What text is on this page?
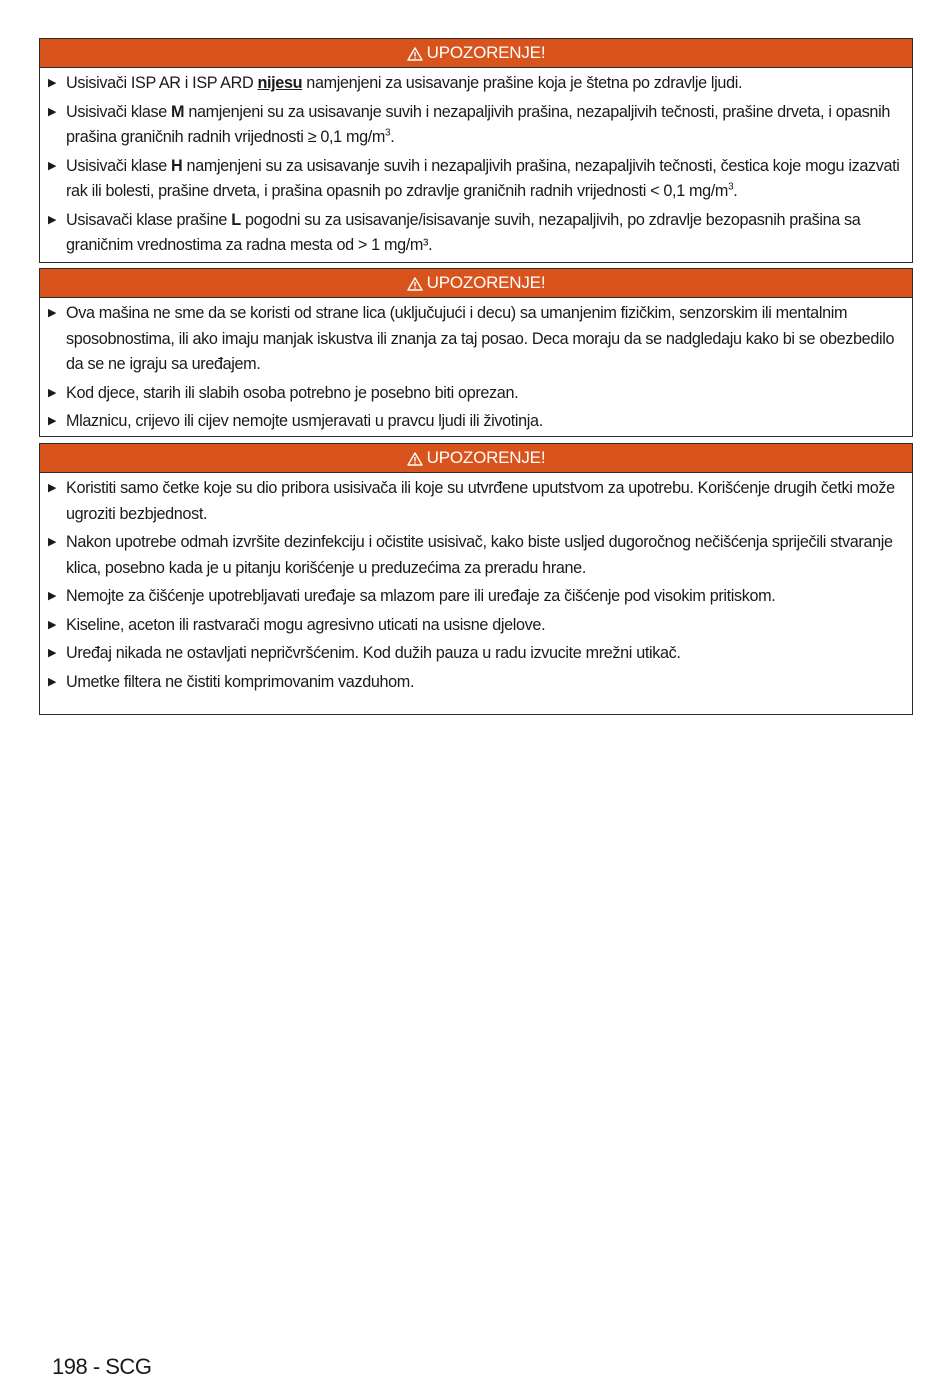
UPOZORENJE!
▶ Usisivači ISP AR i ISP ARD nijesu namjenjeni za usisavanje prašine koja je štetna po zdravlje ljudi.
▶ Usisivači klase M namjenjeni su za usisavanje suvih i nezapaljivih prašina, nezapaljivih tečnosti, prašine drveta, i opasnih prašina graničnih radnih vrijednosti ≥ 0,1 $mg/m^3$.
▶ Usisivači klase H namjenjeni su za usisavanje suvih i nezapaljivih prašina, nezapaljivih tečnosti, čestica koje mogu izazvati rak ili bolesti, prašine drveta, i prašina opasnih po zdravlje graničnih radnih vrijednosti < 0,1 $mg/m^3$.
▶ Usisavači klase prašine L pogodni su za usisavanje/isisavanje suvih, nezapaljivih, po zdravlje bezopasnih prašina sa graničnim vrednostima za radna mesta od > 1 mg/m³.
UPOZORENJE!
▶ Ova mašina ne sme da se koristi od strane lica (uključujući i decu) sa umanjenim fizičkim, senzorskim ili mentalnim sposobnostima, ili ako imaju manjak iskustva ili znanja za taj posao. Deca moraju da se nadgledaju kako bi se obezbedilo da se ne igraju sa uređajem.
▶ Kod djece, starih ili slabih osoba potrebno je posebno biti oprezan.
▶ Mlaznicu, crijevo ili cijev nemojte usmjeravati u pravcu ljudi ili životinja.
UPOZORENJE!
▶ Koristiti samo četke koje su dio pribora usisivača ili koje su utvrđene uputstvom za upotrebu. Korišćenje drugih četki može ugroziti bezbjednost.
▶ Nakon upotrebe odmah izvršite dezinfekciju i očistite usisivač, kako biste usljed dugoročnog nečišćenja spriječili stvaranje klica, posebno kada je u pitanju korišćenje u preduzećima za preradu hrane.
▶ Nemojte za čišćenje upotrebljavati uređaje sa mlazom pare ili uređaje za čišćenje pod visokim pritiskom.
▶ Kiseline, aceton ili rastvarači mogu agresivno uticati na usisne djelove.
▶ Uređaj nikada ne ostavljati nepričvršćenim. Kod dužih pauza u radu izvucite mrežni utikač.
▶ Umetke filtera ne čistiti komprimovanim vazduhom.
198 - SCG
